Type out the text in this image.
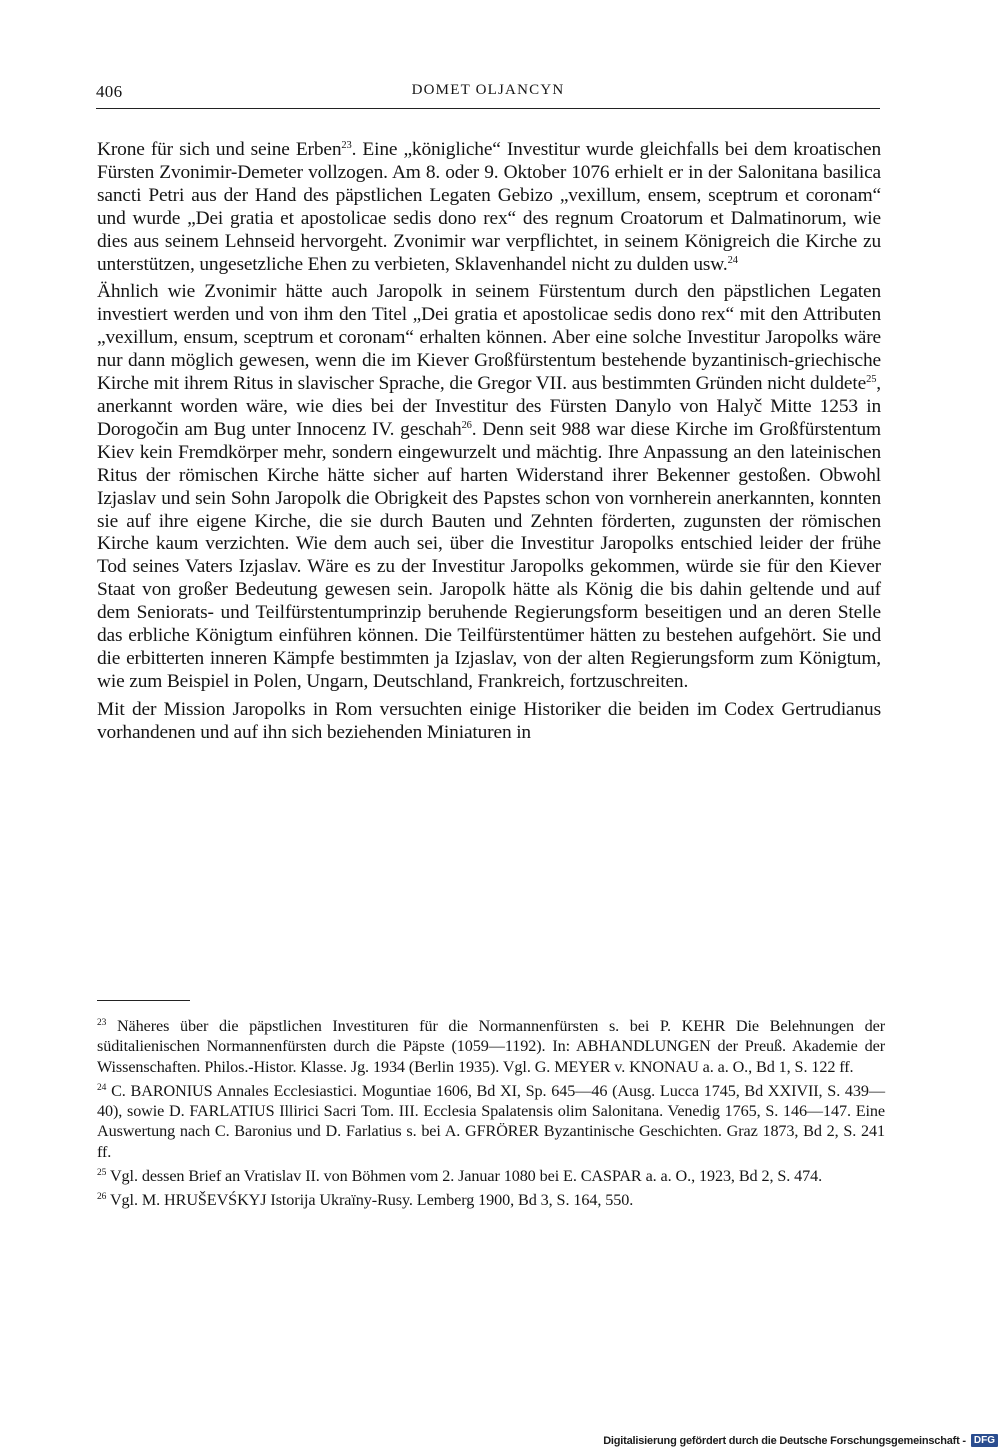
406	DOMET OLJANCYN

Krone für sich und seine Erben$^{23}$. Eine „königliche“ Investitur wurde gleichfalls bei dem kroatischen Fürsten Zvonimir-Demeter vollzogen. Am 8. oder 9. Oktober 1076 erhielt er in der Salonitana basilica sancti Petri aus der Hand des päpstlichen Legaten Gebizo „vexillum, ensem, sceptrum et coronam“ und wurde „Dei gratia et apostolicae sedis dono rex“ des regnum Croatorum et Dalmatinorum, wie dies aus seinem Lehnseid hervorgeht. Zvonimir war verpflichtet, in seinem Königreich die Kirche zu unterstützen, ungesetzliche Ehen zu verbieten, Sklavenhandel nicht zu dulden usw.$^{24}$

Ähnlich wie Zvonimir hätte auch Jaropolk in seinem Fürstentum durch den päpstlichen Legaten investiert werden und von ihm den Titel „Dei gratia et apostolicae sedis dono rex“ mit den Attributen „vexillum, ensum, sceptrum et coronam“ erhalten können. Aber eine solche Investitur Jaropolks wäre nur dann möglich gewesen, wenn die im Kiever Großfürstentum bestehende byzantinisch-griechische Kirche mit ihrem Ritus in slavischer Sprache, die Gregor VII. aus bestimmten Gründen nicht duldete$^{25}$, anerkannt worden wäre, wie dies bei der Investitur des Fürsten Danylo von Halyč Mitte 1253 in Dorogočin am Bug unter Innocenz IV. geschah$^{26}$. Denn seit 988 war diese Kirche im Großfürstentum Kiev kein Fremdkörper mehr, sondern eingewurzelt und mächtig. Ihre Anpassung an den lateinischen Ritus der römischen Kirche hätte sicher auf harten Widerstand ihrer Bekenner gestoßen. Obwohl Izjaslav und sein Sohn Jaropolk die Obrigkeit des Papstes schon von vornherein anerkannten, konnten sie auf ihre eigene Kirche, die sie durch Bauten und Zehnten förderten, zugunsten der römischen Kirche kaum verzichten. Wie dem auch sei, über die Investitur Jaropolks entschied leider der frühe Tod seines Vaters Izjaslav. Wäre es zu der Investitur Jaropolks gekommen, würde sie für den Kiever Staat von großer Bedeutung gewesen sein. Jaropolk hätte als König die bis dahin geltende und auf dem Seniorats- und Teilfürstentumprinzip beruhende Regierungsform beseitigen und an deren Stelle das erbliche Königtum einführen können. Die Teilfürstentümer hätten zu bestehen aufgehört. Sie und die erbitterten inneren Kämpfe bestimmten ja Izjaslav, von der alten Regierungsform zum Königtum, wie zum Beispiel in Polen, Ungarn, Deutschland, Frankreich, fortzuschreiten.

Mit der Mission Jaropolks in Rom versuchten einige Historiker die beiden im Codex Gertrudianus vorhandenen und auf ihn sich beziehenden Miniaturen in

$^{23}$ Näheres über die päpstlichen Investituren für die Normannenfürsten s. bei P. KEHR Die Belehnungen der süditalienischen Normannenfürsten durch die Päpste (1059—1192). In: ABHANDLUNGEN der Preuß. Akademie der Wissenschaften. Philos.-Histor. Klasse. Jg. 1934 (Berlin 1935). Vgl. G. MEYER v. KNONAU a. a. O., Bd 1, S. 122 ff.

$^{24}$ C. BARONIUS Annales Ecclesiastici. Moguntiae 1606, Bd XI, Sp. 645—46 (Ausg. Lucca 1745, Bd XXIVII, S. 439—40), sowie D. FARLATIUS Illirici Sacri Tom. III. Ecclesia Spalatensis olim Salonitana. Venedig 1765, S. 146—147. Eine Auswertung nach C. Baronius und D. Farlatius s. bei A. GFRÖRER Byzantinische Geschichten. Graz 1873, Bd 2, S. 241 ff.

$^{25}$ Vgl. dessen Brief an Vratislav II. von Böhmen vom 2. Januar 1080 bei E. CASPAR a. a. O., 1923, Bd 2, S. 474.

$^{26}$ Vgl. M. HRUŠEVŚKYJ Istorija Ukraïny-Rusy. Lemberg 1900, Bd 3, S. 164, 550.

Digitalisierung gefördert durch die Deutsche Forschungsgemeinschaft - DFG
